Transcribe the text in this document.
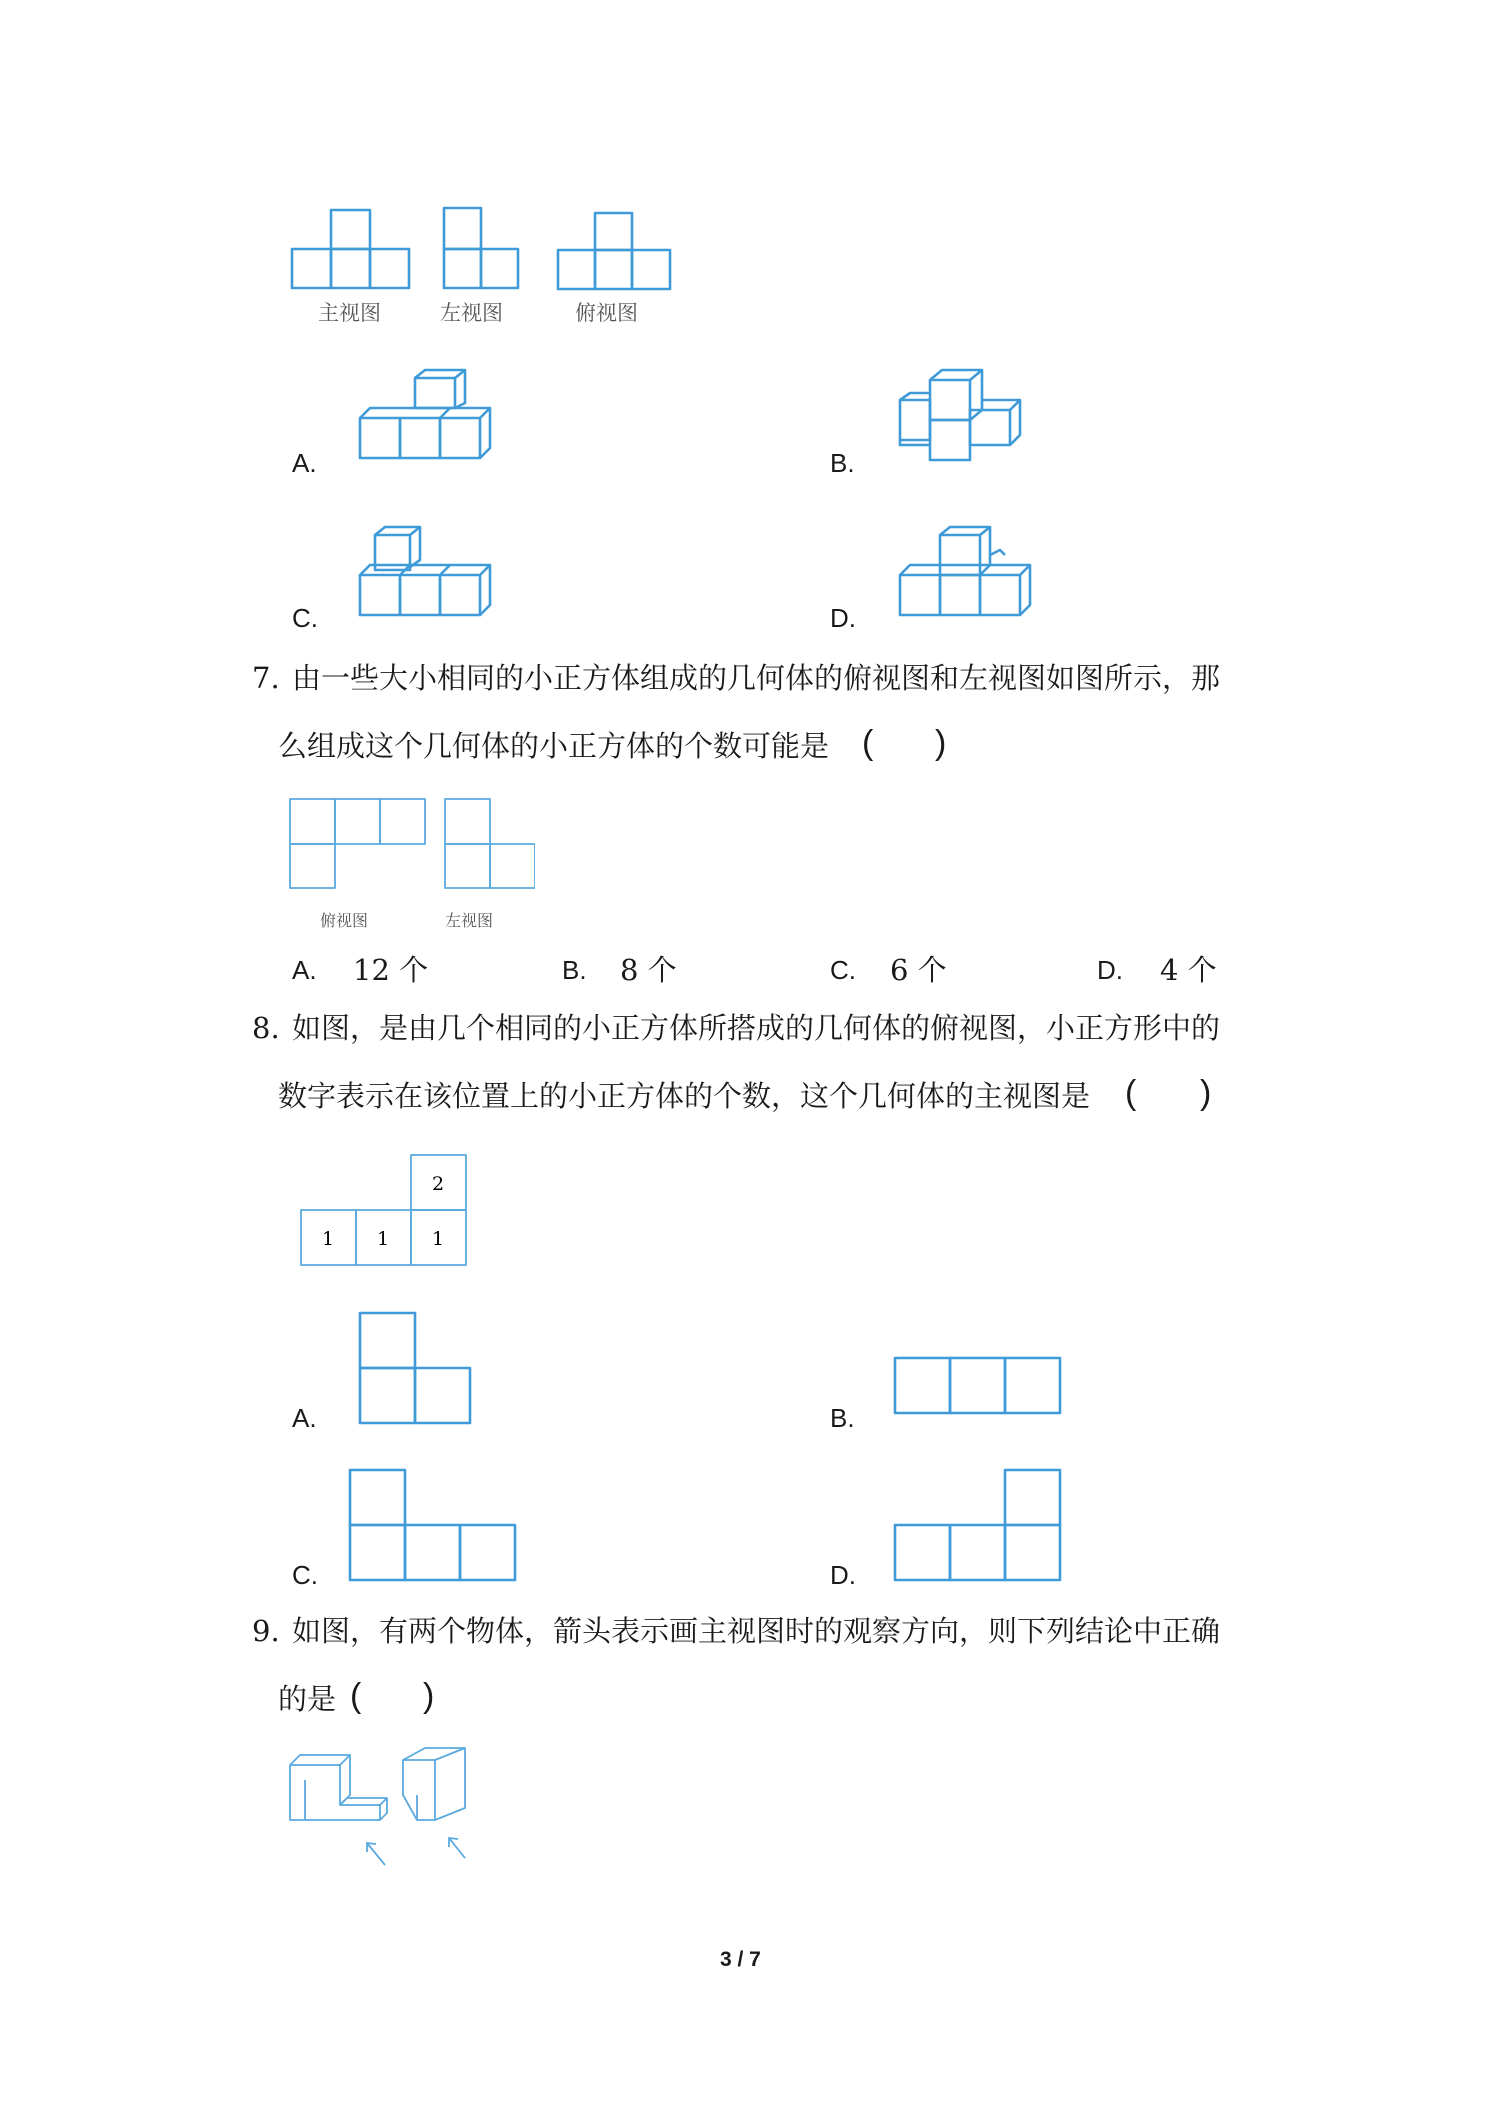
主视图	左视图	俯视图
A.	B.
C.	D.
7. 由一些大小相同的小正方体组成的几何体的俯视图和左视图如图所示，那
么组成这个几何体的小正方体的个数可能是 ( )
俯视图	左视图
A. 12 个	B. 8 个	C. 6 个	D. 4 个
8. 如图，是由几个相同的小正方体所搭成的几何体的俯视图，小正方形中的
数字表示在该位置上的小正方体的个数，这个几何体的主视图是 ( )
2
1 1 1
A.	B.
C.	D.
9. 如图，有两个物体，箭头表示画主视图时的观察方向，则下列结论中正确
的是 ( )
3 / 7
